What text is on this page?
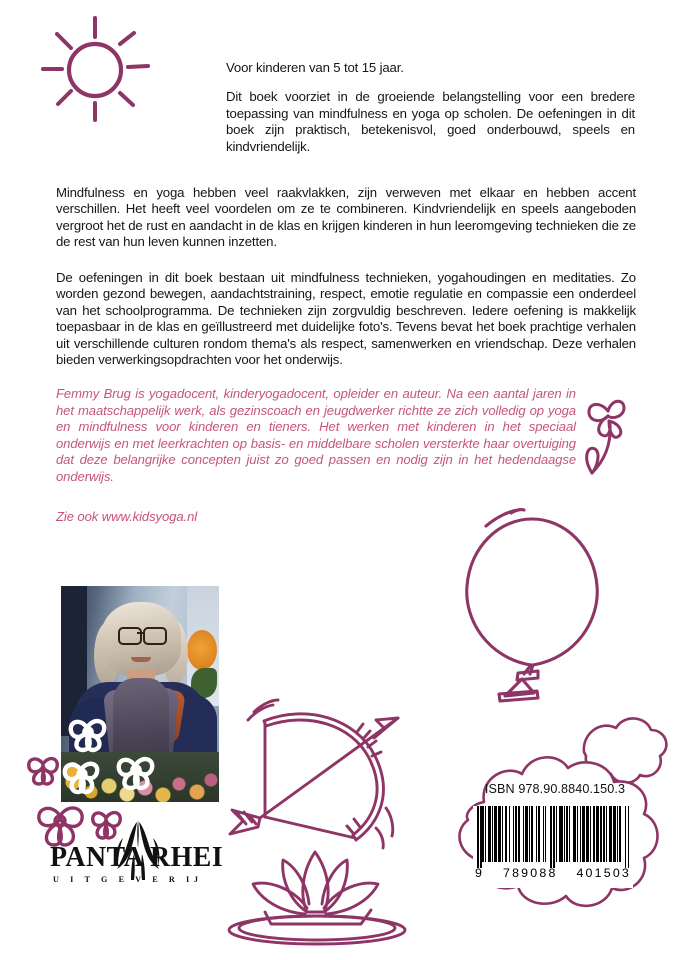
Voor kinderen van 5 tot 15 jaar.

Dit boek voorziet in de groeiende belangstelling voor een bredere toepassing van mindfulness en yoga op scholen. De oefeningen in dit boek zijn praktisch, betekenisvol, goed onderbouwd, speels en kindvriendelijk.

Mindfulness en yoga hebben veel raakvlakken, zijn verweven met elkaar en hebben accent verschillen. Het heeft veel voordelen om ze te combineren. Kindvriendelijk en speels aangeboden vergroot het de rust en aandacht in de klas en krijgen kinderen in hun leeromgeving technieken die ze de rest van hun leven kunnen inzetten.

De oefeningen in dit boek bestaan uit mindfulness technieken, yogahoudingen en meditaties. Zo worden gezond bewegen, aandachtstraining, respect, emotie regulatie en compassie een onderdeel van het schoolprogramma. De technieken zijn zorgvuldig beschreven. Iedere oefening is makkelijk toepasbaar in de klas en geïllustreerd met duidelijke foto's. Tevens bevat het boek prachtige verhalen uit verschillende culturen rondom thema's als respect, samenwerken en vriendschap. Deze verhalen bieden verwerkingsopdrachten voor het onderwijs.

Femmy Brug is yogadocent, kinderyogadocent, opleider en auteur. Na een aantal jaren in het maatschappelijk werk, als gezinscoach en jeugdwerker richtte ze zich volledig op yoga en mindfulness voor kinderen en tieners. Het werken met kinderen in het speciaal onderwijs en met leerkrachten op basis- en middelbare scholen versterkte haar overtuiging dat deze belangrijke concepten juist zo goed passen en nodig zijn in het hedendaagse onderwijs.

Zie ook www.kidsyoga.nl
ISBN 978.90.8840.150.3
9 789088 401503
PANTA RHEI
U I T G E V E R IJ
